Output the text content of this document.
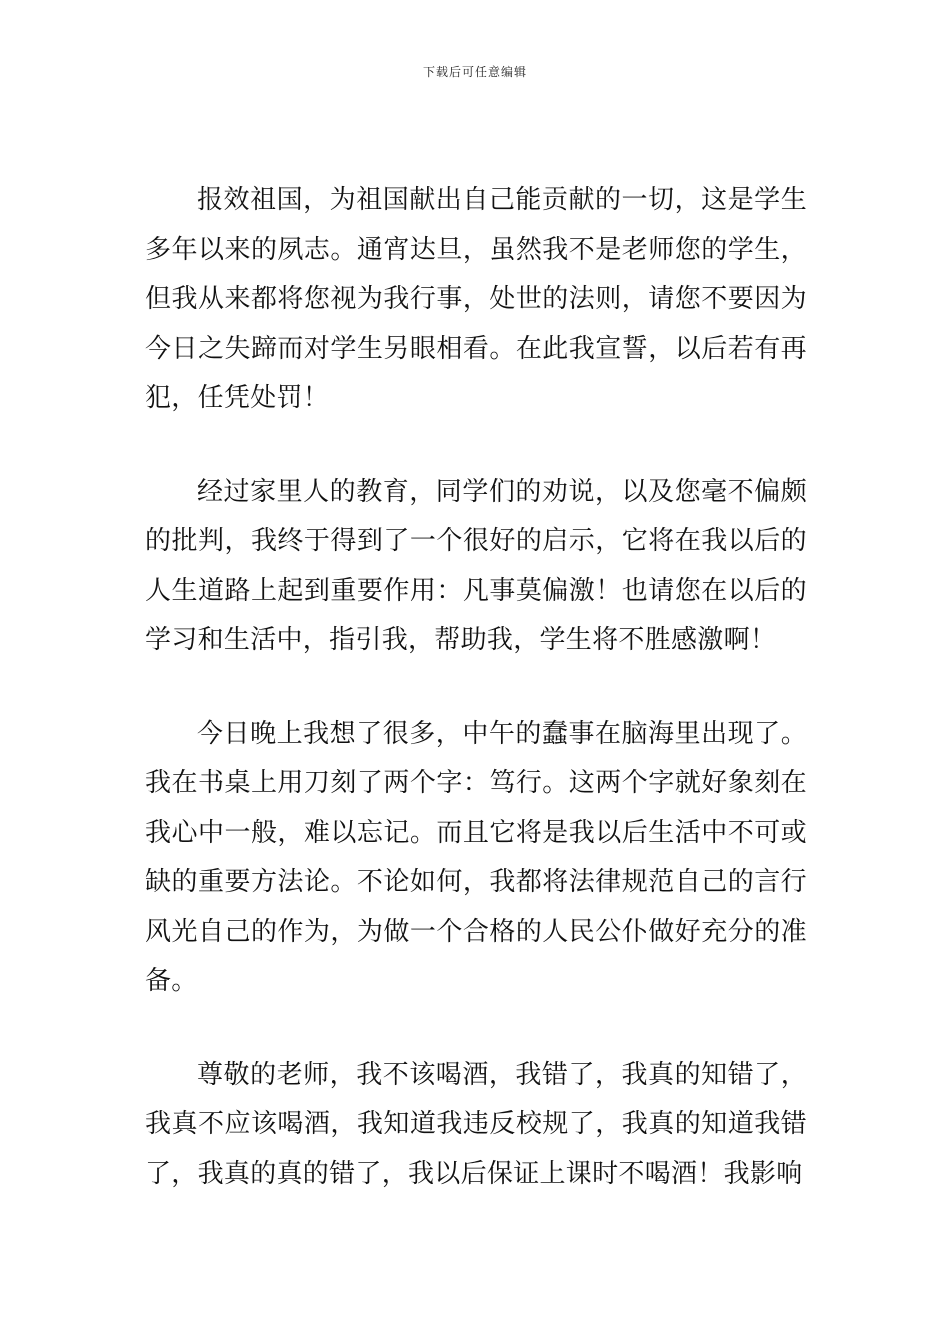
下载后可任意编辑

报效祖国，为祖国献出自己能贡献的一切，这是学生多年以来的夙志。通宵达旦，虽然我不是老师您的学生，但我从来都将您视为我行事，处世的法则，请您不要因为今日之失蹄而对学生另眼相看。在此我宣誓，以后若有再犯，任凭处罚！

经过家里人的教育，同学们的劝说，以及您毫不偏颇的批判，我终于得到了一个很好的启示，它将在我以后的人生道路上起到重要作用：凡事莫偏激！也请您在以后的学习和生活中，指引我，帮助我，学生将不胜感激啊！

今日晚上我想了很多，中午的蠢事在脑海里出现了。我在书桌上用刀刻了两个字：笃行。这两个字就好象刻在我心中一般，难以忘记。而且它将是我以后生活中不可或缺的重要方法论。不论如何，我都将法律规范自己的言行风光自己的作为，为做一个合格的人民公仆做好充分的准备。

尊敬的老师，我不该喝酒，我错了，我真的知错了，我真不应该喝酒，我知道我违反校规了，我真的知道我错了，我真的真的错了，我以后保证上课时不喝酒！我影响
